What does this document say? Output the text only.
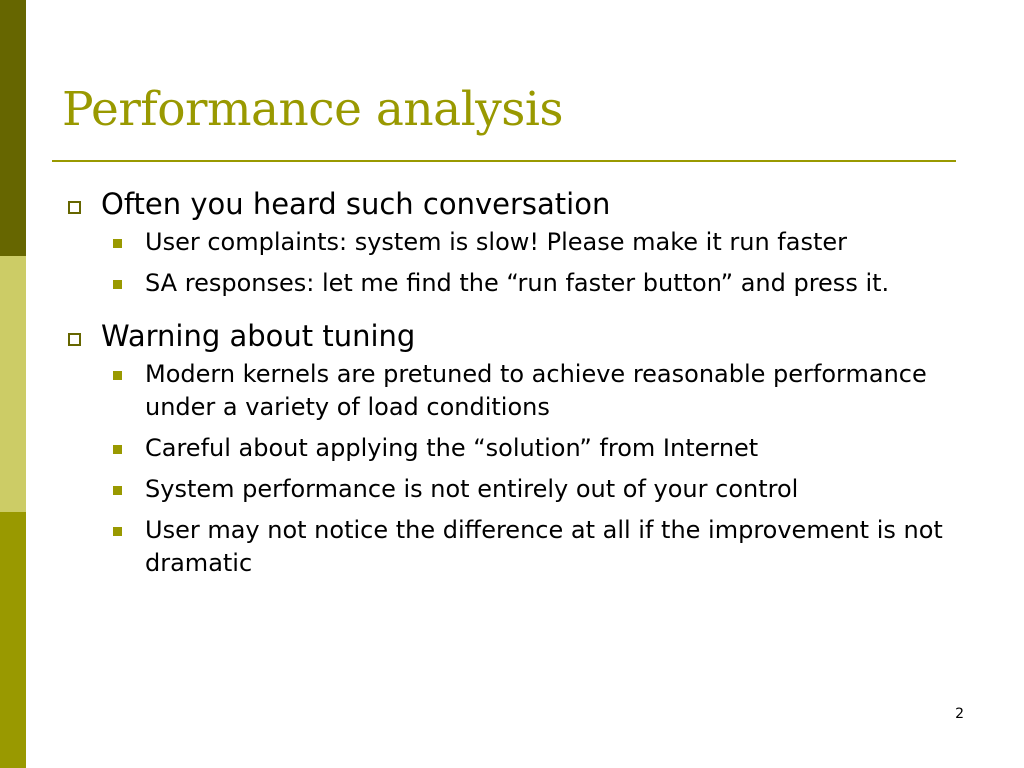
Performance analysis
Often you heard such conversation
User complaints: system is slow! Please make it run faster
SA responses: let me find the “run faster button” and press it.
Warning about tuning
Modern kernels are pretuned to achieve reasonable performance under a variety of load conditions
Careful about applying the “solution” from Internet
System performance is not entirely out of your control
User may not notice the difference at all if the improvement is not dramatic
2
